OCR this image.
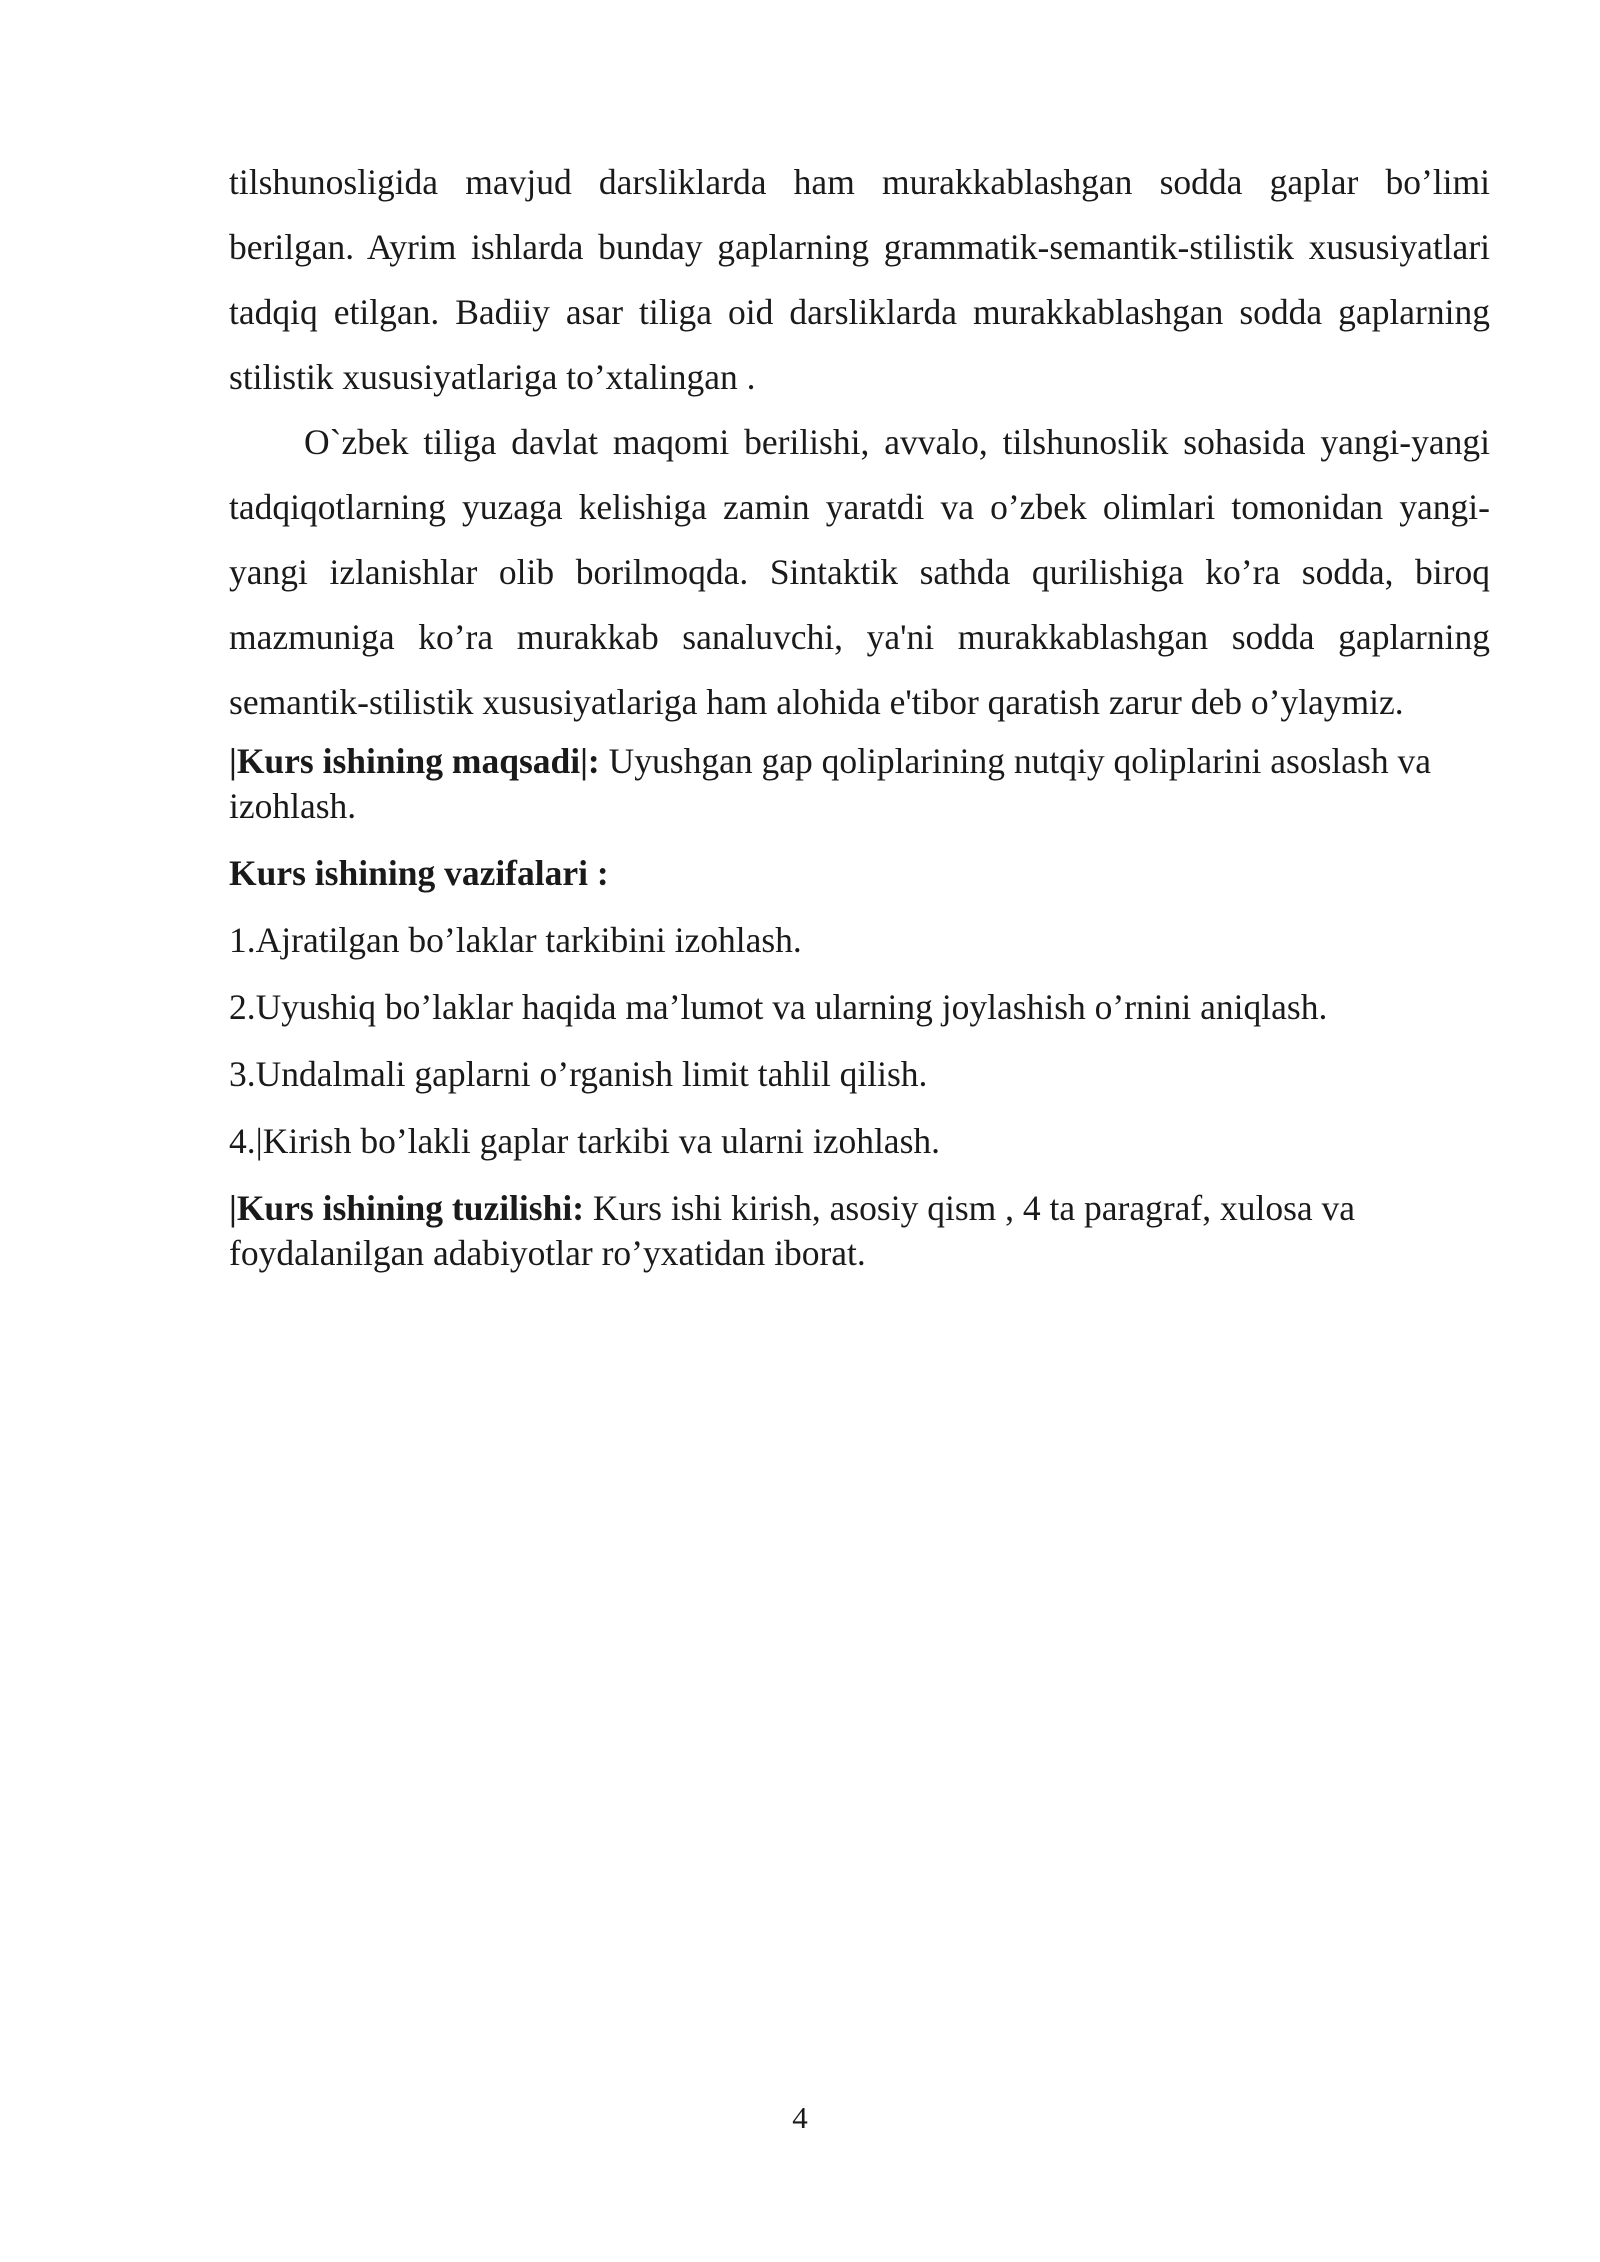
tilshunosligida mavjud darsliklarda ham murakkablashgan sodda gaplar bo’limi berilgan. Ayrim ishlarda bunday gaplarning grammatik-semantik-stilistik xususiyatlari tadqiq etilgan. Badiiy asar tiliga oid darsliklarda murakkablashgan sodda gaplarning stilistik xususiyatlariga to’xtalingan .

O`zbek tiliga davlat maqomi berilishi, avvalo, tilshunoslik sohasida yangi-yangi tadqiqotlarning yuzaga kelishiga zamin yaratdi va o’zbek olimlari tomonidan yangi-yangi izlanishlar olib borilmoqda. Sintaktik sathda qurilishiga ko’ra sodda, biroq mazmuniga ko’ra murakkab sanaluvchi, ya'ni murakkablashgan sodda gaplarning semantik-stilistik xususiyatlariga ham alohida e'tibor qaratish zarur deb o’ylaymiz.

|Kurs ishining maqsadi|: Uyushgan gap qoliplarining nutqiy qoliplarini asoslash va izohlash.

Kurs ishining vazifalari :

1.Ajratilgan bo’laklar tarkibini izohlash.

2.Uyushiq bo’laklar haqida ma’lumot va ularning joylashish o’rnini aniqlash.

3.Undalmali gaplarni o’rganish limit tahlil qilish.

4.|Kirish bo’lakli gaplar tarkibi va ularni izohlash.

|Kurs ishining tuzilishi: Kurs ishi kirish, asosiy qism , 4 ta paragraf, xulosa va foydalanilgan adabiyotlar ro’yxatidan iborat.

4
